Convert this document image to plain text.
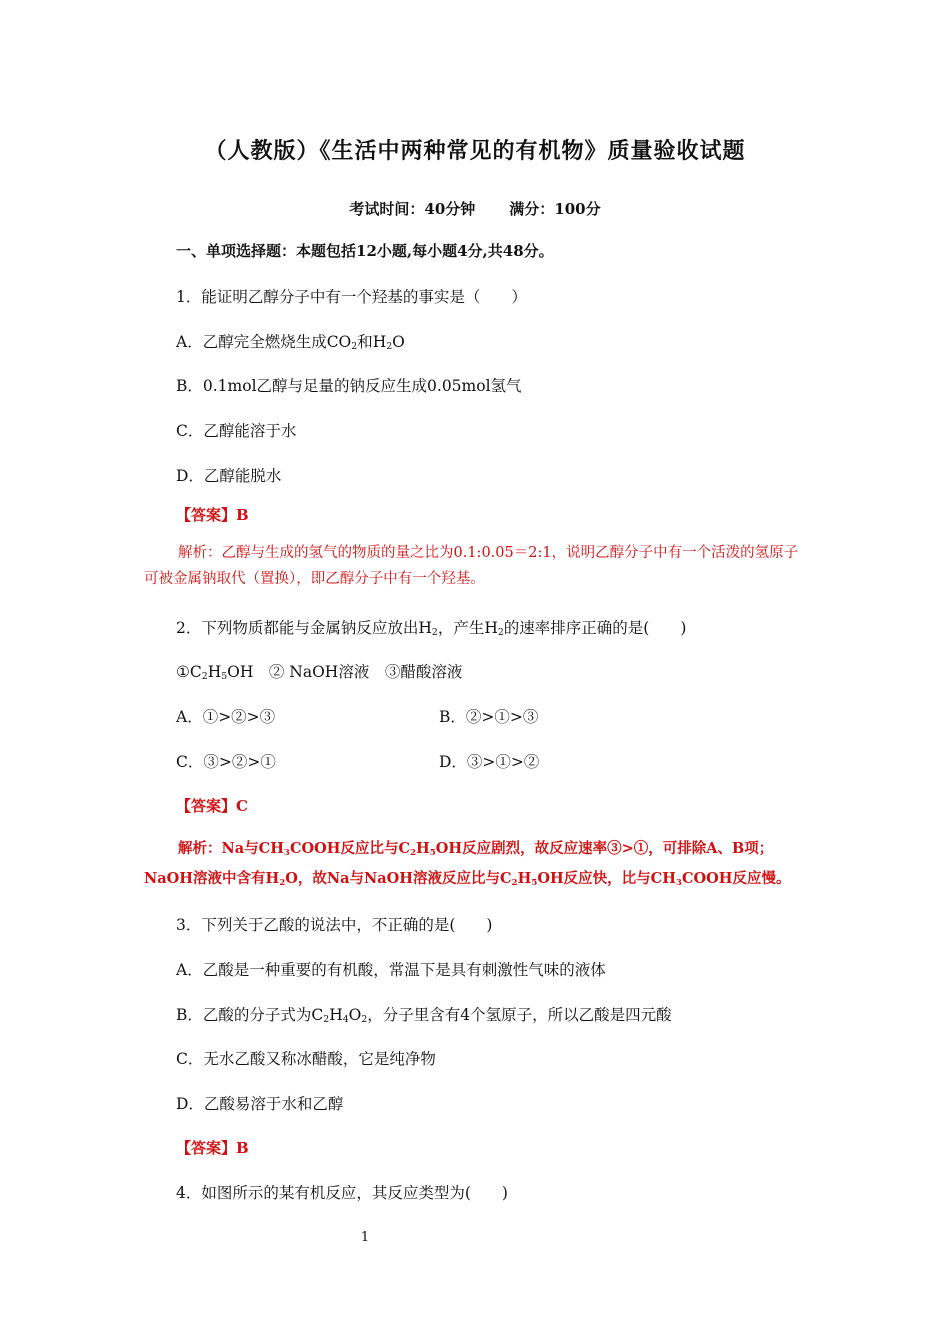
（人教版）《生活中两种常见的有机物》质量验收试题
考试时间：40分钟 满分：100分
一、单项选择题：本题包括12小题,每小题4分,共48分。
1．能证明乙醇分子中有一个羟基的事实是（　　）
A．乙醇完全燃烧生成$CO_2$和$H_2O$
B．0.1mol乙醇与足量的钠反应生成0.05mol氢气
C．乙醇能溶于水
D．乙醇能脱水
【答案】B
解析：乙醇与生成的氢气的物质的量之比为0.1:0.05＝2:1，说明乙醇分子中有一个活泼的氢原子可被金属钠取代（置换），即乙醇分子中有一个羟基。
2．下列物质都能与金属钠反应放出$H_2$，产生$H_2$的速率排序正确的是(　　)
$①C_2H_5OH$　② NaOH溶液　③醋酸溶液
A．①>②>③	B．②>①>③
C．③>②>①	D．③>①>②
【答案】C
解析：Na与$CH_3COOH$反应比与$C_2H_5OH$反应剧烈，故反应速率③>①，可排除A、B项；NaOH溶液中含有$H_2O$，故Na与NaOH溶液反应比与$C_2H_5OH$反应快，比与$CH_3COOH$反应慢。
3．下列关于乙酸的说法中，不正确的是(　　)
A．乙酸是一种重要的有机酸，常温下是具有刺激性气味的液体
B．乙酸的分子式为$C_2H_4O_2$，分子里含有4个氢原子，所以乙酸是四元酸
C．无水乙酸又称冰醋酸，它是纯净物
D．乙酸易溶于水和乙醇
【答案】B
4．如图所示的某有机反应，其反应类型为(　　)
1
